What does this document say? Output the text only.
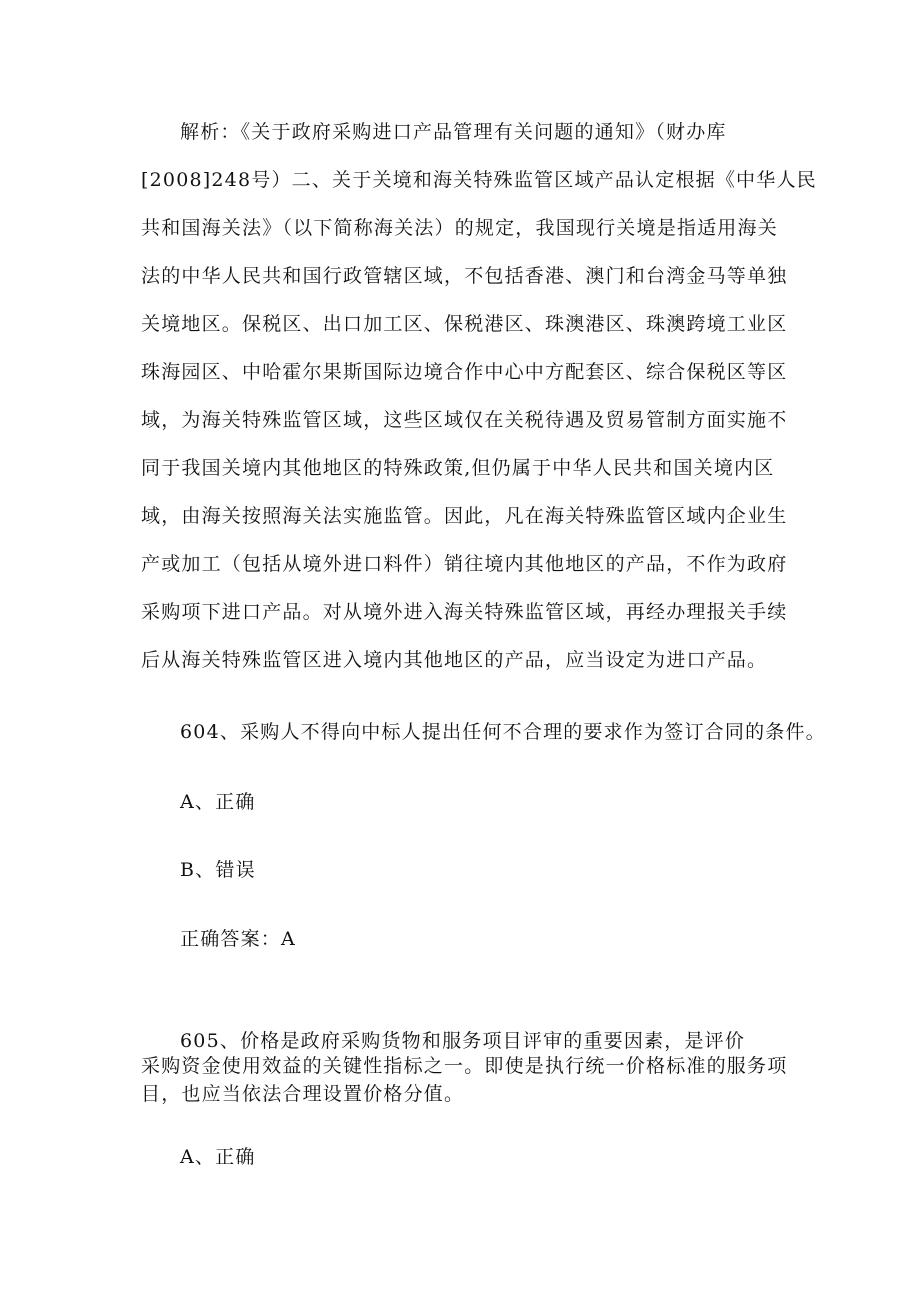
解析：《关于政府采购进口产品管理有关问题的通知》（财办库
[2008]248号）二、关于关境和海关特殊监管区域产品认定根据《中华人民
共和国海关法》（以下简称海关法）的规定，我国现行关境是指适用海关
法的中华人民共和国行政管辖区域，不包括香港、澳门和台湾金马等单独
关境地区。保税区、出口加工区、保税港区、珠澳港区、珠澳跨境工业区
珠海园区、中哈霍尔果斯国际边境合作中心中方配套区、综合保税区等区
域，为海关特殊监管区域，这些区域仅在关税待遇及贸易管制方面实施不
同于我国关境内其他地区的特殊政策,但仍属于中华人民共和国关境内区
域，由海关按照海关法实施监管。因此，凡在海关特殊监管区域内企业生
产或加工（包括从境外进口料件）销往境内其他地区的产品，不作为政府
采购项下进口产品。对从境外进入海关特殊监管区域，再经办理报关手续
后从海关特殊监管区进入境内其他地区的产品，应当设定为进口产品。
604、采购人不得向中标人提出任何不合理的要求作为签订合同的条件。
A、正确
B、错误
正确答案：A
605、价格是政府采购货物和服务项目评审的重要因素，是评价
采购资金使用效益的关键性指标之一。即使是执行统一价格标准的服务项
目，也应当依法合理设置价格分值。
A、正确
